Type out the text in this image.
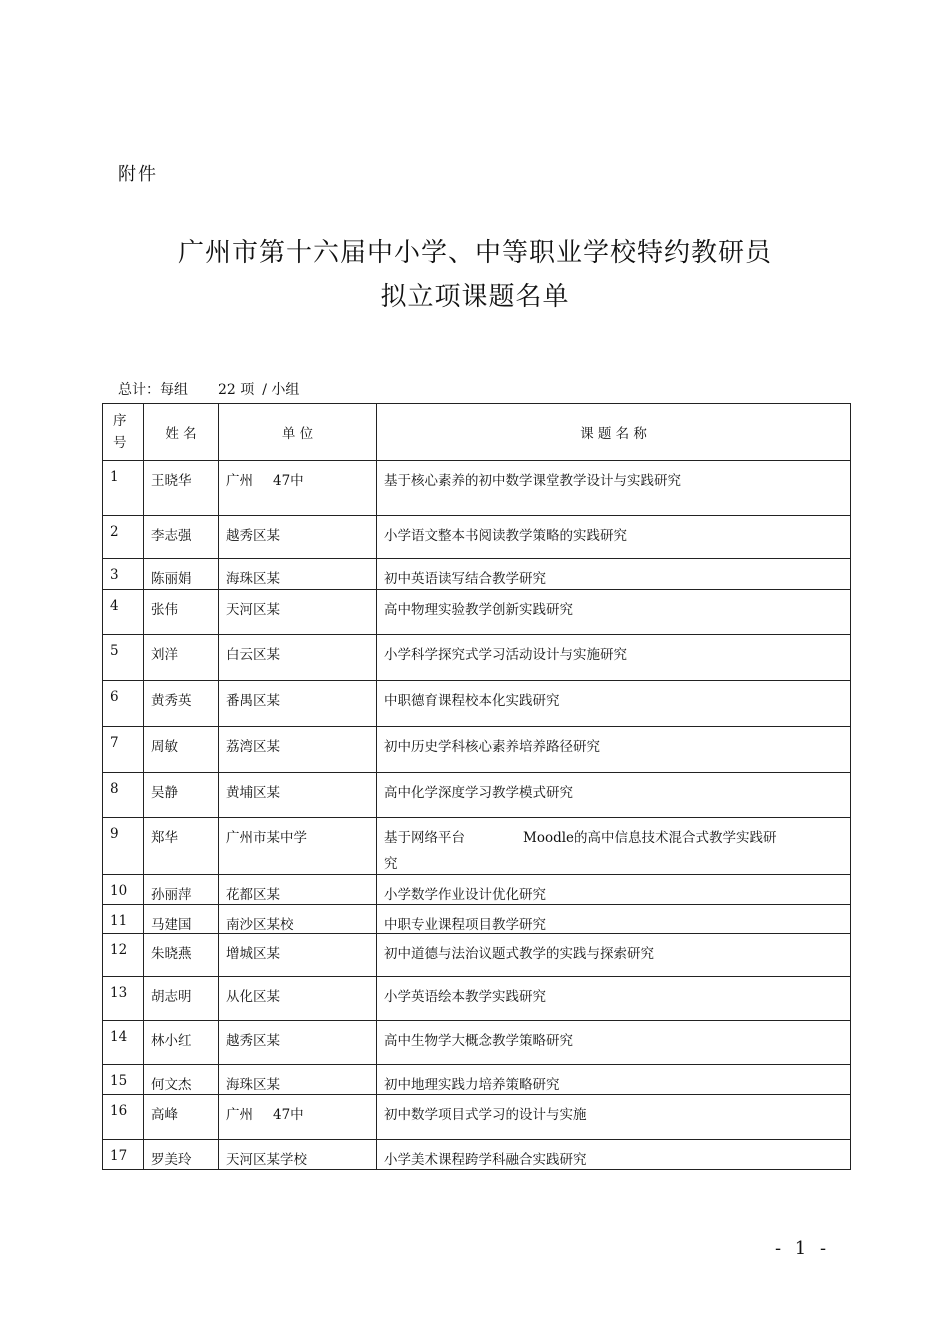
附件
广州市第十六届中小学、中等职业学校特约教研员
拟立项课题名单
总计：每组 22 项 / 小组
序
号	姓 名	单 位	课 题 名 称
1	王晓华	广州 47中	基于核心素养的初中数学课堂教学设计与实践研究
2	李志强	越秀区某	小学语文整本书阅读教学策略的实践研究
3	陈丽娟	海珠区某	初中英语读写结合教学研究
4	张伟	天河区某	高中物理实验教学创新实践研究
5	刘洋	白云区某	小学科学探究式学习活动设计与实施研究
6	黄秀英	番禺区某	中职德育课程校本化实践研究
7	周敏	荔湾区某	初中历史学科核心素养培养路径研究
8	吴静	黄埔区某	高中化学深度学习教学模式研究
9	郑华	广州市某中学	基于网络平台 Moodle的高中信息技术混合式教学实践研
究

10	孙丽萍	花都区某	小学数学作业设计优化研究
11	马建国	南沙区某校	中职专业课程项目教学研究
12	朱晓燕	增城区某	初中道德与法治议题式教学的实践与探索研究
13	胡志明	从化区某	小学英语绘本教学实践研究
14	林小红	越秀区某	高中生物学大概念教学策略研究
15	何文杰	海珠区某	初中地理实践力培养策略研究
16	高峰	广州 47中	初中数学项目式学习的设计与实施
17	罗美玲	天河区某学校	小学美术课程跨学科融合实践研究
- 1 -
